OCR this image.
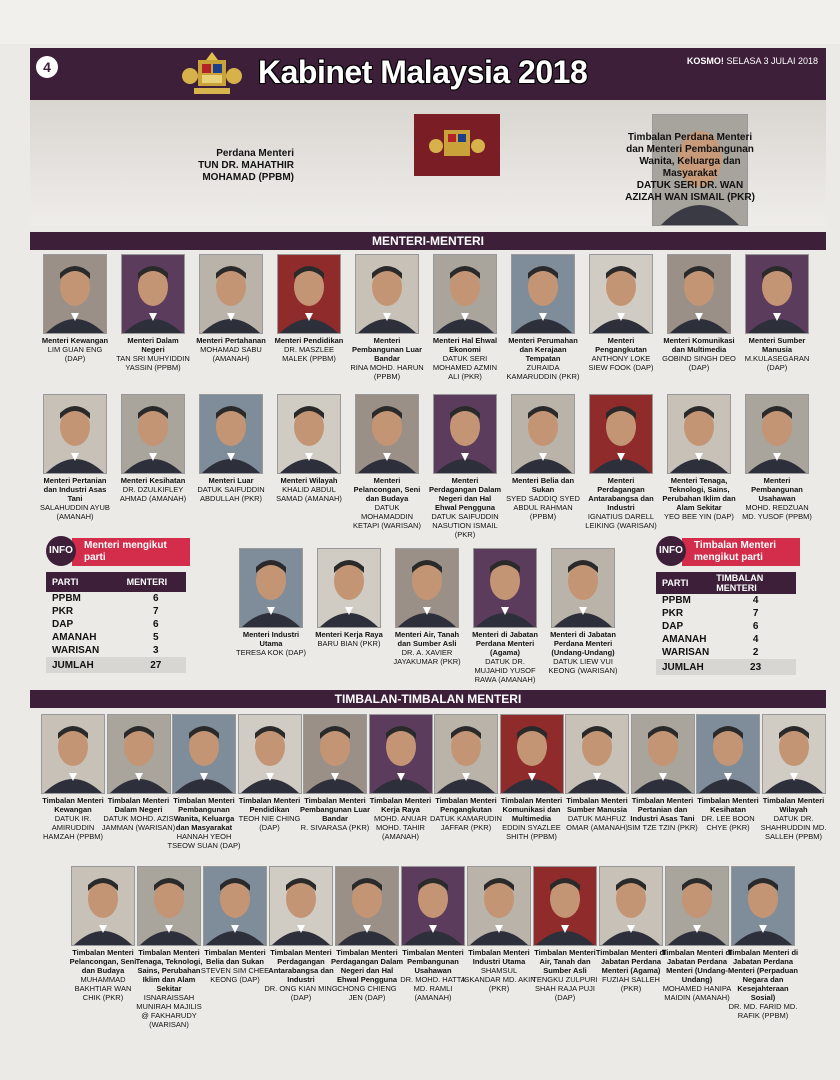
4	Kabinet Malaysia 2018	KOSMO! SELASA 3 JULAI 2018
Perdana Menteri
TUN DR. MAHATHIR MOHAMAD (PPBM)
Timbalan Perdana Menteri dan Menteri Pembangunan Wanita, Keluarga dan Masyarakat
DATUK SERI DR. WAN AZIZAH WAN ISMAIL (PKR)
MENTERI-MENTERI
Menteri Kewangan
LIM GUAN ENG (DAP)
Menteri Dalam Negeri
TAN SRI MUHYIDDIN YASSIN (PPBM)
Menteri Pertahanan
MOHAMAD SABU (AMANAH)
Menteri Pendidikan
DR. MASZLEE MALEK (PPBM)
Menteri Pembangunan Luar Bandar
RINA MOHD. HARUN (PPBM)
Menteri Hal Ehwal Ekonomi
DATUK SERI MOHAMED AZMIN ALI (PKR)
Menteri Perumahan dan Kerajaan Tempatan
ZURAIDA KAMARUDDIN (PKR)
Menteri Pengangkutan
ANTHONY LOKE SIEW FOOK (DAP)
Menteri Komunikasi dan Multimedia
GOBIND SINGH DEO (DAP)
Menteri Sumber Manusia
M.KULASEGARAN (DAP)
Menteri Pertanian dan Industri Asas Tani
SALAHUDDIN AYUB (AMANAH)
Menteri Kesihatan
DR. DZULKIFLEY AHMAD (AMANAH)
Menteri Luar
DATUK SAIFUDDIN ABDULLAH (PKR)
Menteri Wilayah
KHALID ABDUL SAMAD (AMANAH)
Menteri Pelancongan, Seni dan Budaya
DATUK MOHAMADDIN KETAPI (WARISAN)
Menteri Perdagangan Dalam Negeri dan Hal Ehwal Pengguna
DATUK SAIFUDDIN NASUTION ISMAIL (PKR)
Menteri Belia dan Sukan
SYED SADDIQ SYED ABDUL RAHMAN (PPBM)
Menteri Perdagangan Antarabangsa dan Industri
IGNATIUS DARELL LEIKING (WARISAN)
Menteri Tenaga, Teknologi, Sains, Perubahan Iklim dan Alam Sekitar
YEO BEE YIN (DAP)
Menteri Pembangunan Usahawan
MOHD. REDZUAN MD. YUSOF (PPBM)
Menteri Industri Utama
TERESA KOK (DAP)
Menteri Kerja Raya
BARU BIAN (PKR)
Menteri Air, Tanah dan Sumber Asli
DR. A. XAVIER JAYAKUMAR (PKR)
Menteri di Jabatan Perdana Menteri (Agama)
DATUK DR. MUJAHID YUSOF RAWA (AMANAH)
Menteri di Jabatan Perdana Menteri (Undang-Undang)
DATUK LIEW VUI KEONG (WARISAN)
Menteri mengikut parti
INFO
PARTI	MENTERI
PPBM	6
PKR	7
DAP	6
AMANAH	5
WARISAN	3
JUMLAH	27
Timbalan Menteri mengikut parti
INFO
PARTI	TIMBALAN MENTERI
PPBM	4
PKR	7
DAP	6
AMANAH	4
WARISAN	2
JUMLAH	23
TIMBALAN-TIMBALAN MENTERI
Timbalan Menteri Kewangan
DATUK IR. AMIRUDDIN HAMZAH (PPBM)
Timbalan Menteri Dalam Negeri
DATUK MOHD. AZIS JAMMAN (WARISAN)
Timbalan Menteri Pembangunan Wanita, Keluarga dan Masyarakat
HANNAH YEOH TSEOW SUAN (DAP)
Timbalan Menteri Pendidikan
TEOH NIE CHING (DAP)
Timbalan Menteri Pembangunan Luar Bandar
R. SIVARASA (PKR)
Timbalan Menteri Kerja Raya
MOHD. ANUAR MOHD. TAHIR (AMANAH)
Timbalan Menteri Pengangkutan
DATUK KAMARUDIN JAFFAR (PKR)
Timbalan Menteri Komunikasi dan Multimedia
EDDIN SYAZLEE SHITH (PPBM)
Timbalan Menteri Sumber Manusia
DATUK MAHFUZ OMAR (AMANAH)
Timbalan Menteri Pertanian dan Industri Asas Tani
SIM TZE TZIN (PKR)
Timbalan Menteri Kesihatan
DR. LEE BOON CHYE (PKR)
Timbalan Menteri Wilayah
DATUK DR. SHAHRUDDIN MD. SALLEH (PPBM)
Timbalan Menteri Pelancongan, Seni dan Budaya
MUHAMMAD BAKHTIAR WAN CHIK (PKR)
Timbalan Menteri Tenaga, Teknologi, Sains, Perubahan Iklim dan Alam Sekitar
ISNARAISSAH MUNIRAH MAJILIS @ FAKHARUDY (WARISAN)
Timbalan Menteri Belia dan Sukan
STEVEN SIM CHEE KEONG (DAP)
Timbalan Menteri Perdagangan Antarabangsa dan Industri
DR. ONG KIAN MING (DAP)
Timbalan Menteri Perdagangan Dalam Negeri dan Hal Ehwal Pengguna
CHONG CHIENG JEN (DAP)
Timbalan Menteri Pembangunan Usahawan
DR. MOHD. HATTA MD. RAMLI (AMANAH)
Timbalan Menteri Industri Utama
SHAMSUL ISKANDAR MD. AKIN (PKR)
Timbalan Menteri Air, Tanah dan Sumber Asli
TENGKU ZULPURI SHAH RAJA PUJI (DAP)
Timbalan Menteri di Jabatan Perdana Menteri (Agama)
FUZIAH SALLEH (PKR)
Timbalan Menteri di Jabatan Perdana Menteri (Undang-Undang)
MOHAMED HANIPA MAIDIN (AMANAH)
Timbalan Menteri di Jabatan Perdana Menteri (Perpaduan Negara dan Kesejahteraan Sosial)
DR. MD. FARID MD. RAFIK (PPBM)
